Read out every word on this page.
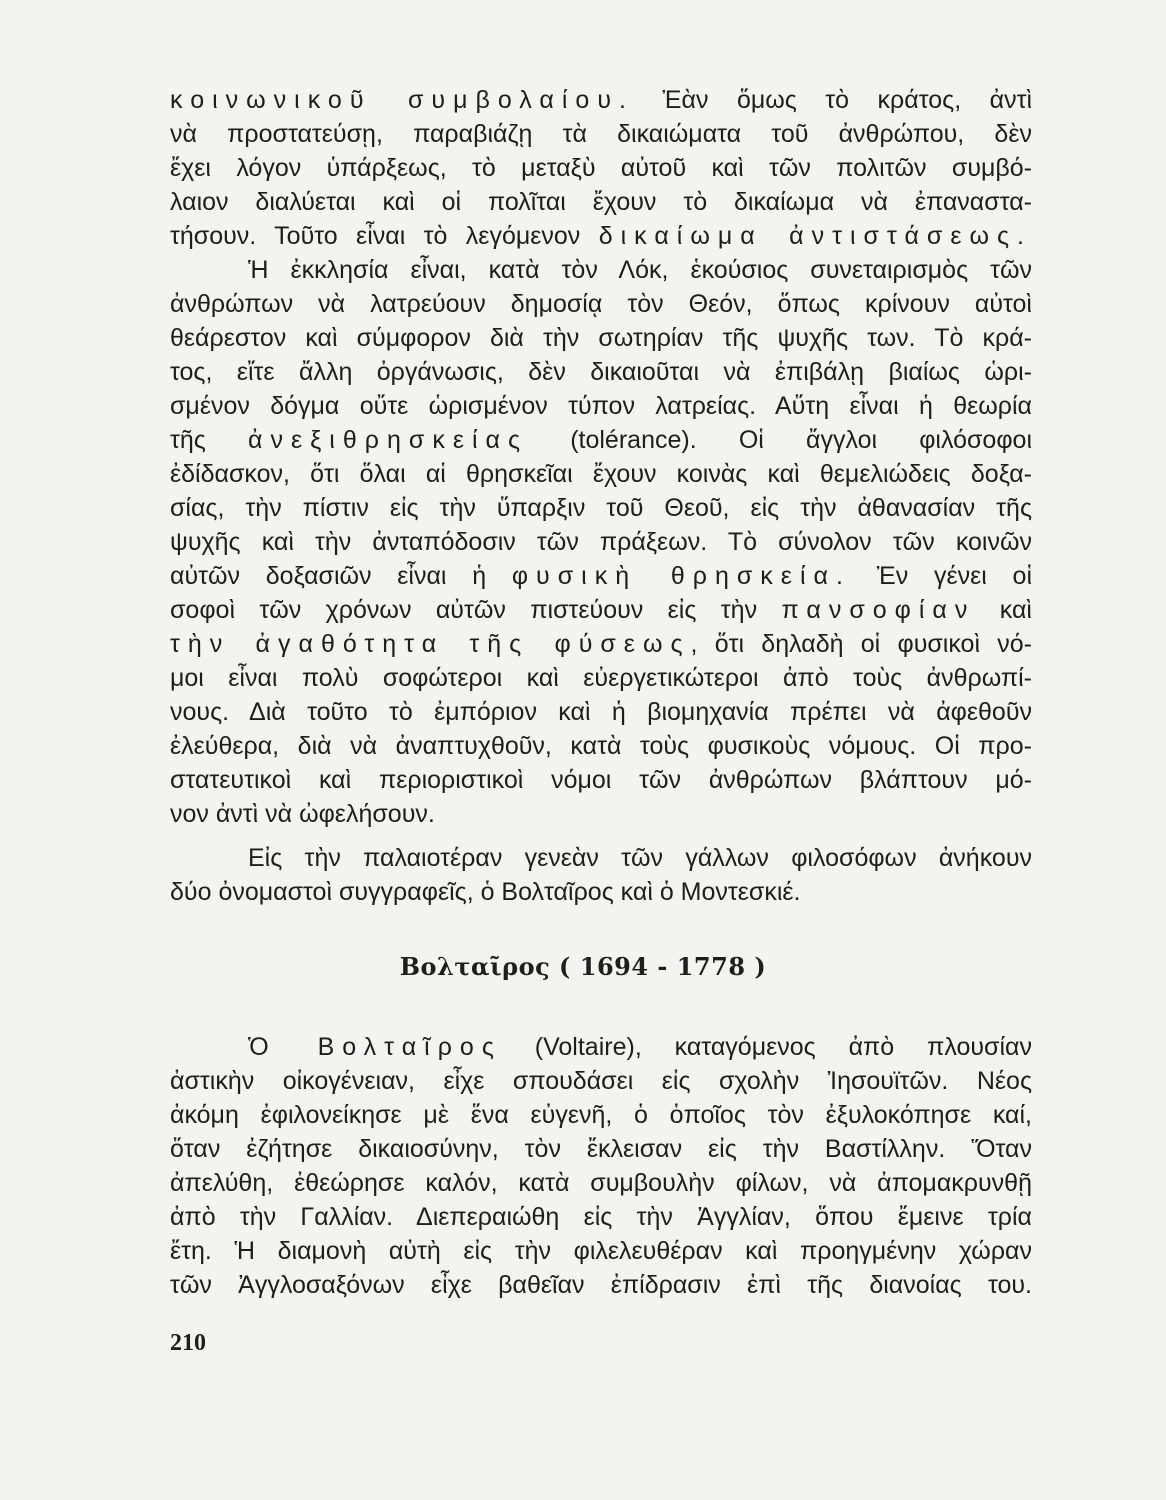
κοινωνικοῦ συμβολαίου. Ἐὰν ὅμως τὸ κράτος, ἀντὶ
νὰ προστατεύσῃ, παραβιάζῃ τὰ δικαιώματα τοῦ ἀνθρώπου, δὲν
ἔχει λόγον ὑπάρξεως, τὸ μεταξὺ αὐτοῦ καὶ τῶν πολιτῶν συμβό-
λαιον διαλύεται καὶ οἱ πολῖται ἔχουν τὸ δικαίωμα νὰ ἐπαναστα-
τήσουν. Τοῦτο εἶναι τὸ λεγόμενον δικαίωμα ἀντιστάσεως.
Ἡ ἐκκλησία εἶναι, κατὰ τὸν Λόκ, ἑκούσιος συνεταιρισμὸς τῶν
ἀνθρώπων νὰ λατρεύουν δημοσίᾳ τὸν Θεόν, ὅπως κρίνουν αὐτοὶ
θεάρεστον καὶ σύμφορον διὰ τὴν σωτηρίαν τῆς ψυχῆς των. Τὸ κρά-
τος, εἴτε ἄλλη ὀργάνωσις, δὲν δικαιοῦται νὰ ἐπιβάλῃ βιαίως ὡρι-
σμένον δόγμα οὔτε ὡρισμένον τύπον λατρείας. Αὕτη εἶναι ἡ θεωρία
τῆς ἀνεξιθρησκείας (tolérance). Οἱ ἄγγλοι φιλόσοφοι
ἐδίδασκον, ὅτι ὅλαι αἱ θρησκεῖαι ἔχουν κοινὰς καὶ θεμελιώδεις δοξα-
σίας, τὴν πίστιν εἰς τὴν ὕπαρξιν τοῦ Θεοῦ, εἰς τὴν ἀθανασίαν τῆς
ψυχῆς καὶ τὴν ἀνταπόδοσιν τῶν πράξεων. Τὸ σύνολον τῶν κοινῶν
αὐτῶν δοξασιῶν εἶναι ἡ φυσικὴ θρησκεία. Ἐν γένει οἱ
σοφοὶ τῶν χρόνων αὐτῶν πιστεύουν εἰς τὴν πανσοφίαν καὶ
τὴν ἀγαθότητα τῆς φύσεως, ὅτι δηλαδὴ οἱ φυσικοὶ νό-
μοι εἶναι πολὺ σοφώτεροι καὶ εὐεργετικώτεροι ἀπὸ τοὺς ἀνθρωπί-
νους. Διὰ τοῦτο τὸ ἐμπόριον καὶ ἡ βιομηχανία πρέπει νὰ ἀφεθοῦν
ἐλεύθερα, διὰ νὰ ἀναπτυχθοῦν, κατὰ τοὺς φυσικοὺς νόμους. Οἱ προ-
στατευτικοὶ καὶ περιοριστικοὶ νόμοι τῶν ἀνθρώπων βλάπτουν μό-
νον ἀντὶ νὰ ὠφελήσουν.
Βολταῖρος ( 1694 - 1778 )
Εἰς τὴν παλαιοτέραν γενεὰν τῶν γάλλων φιλοσόφων ἀνήκουν
δύο ὀνομαστοὶ συγγραφεῖς, ὁ Βολταῖρος καὶ ὁ Μοντεσκιέ.
Ὁ Βολταῖρος (Voltaire), καταγόμενος ἀπὸ πλουσίαν
ἀστικὴν οἰκογένειαν, εἶχε σπουδάσει εἰς σχολὴν Ἰησουϊτῶν. Νέος
ἀκόμη ἐφιλονείκησε μὲ ἕνα εὐγενῆ, ὁ ὁποῖος τὸν ἐξυλοκόπησε καί,
ὅταν ἐζήτησε δικαιοσύνην, τὸν ἔκλεισαν εἰς τὴν Βαστίλλην. Ὅταν
ἀπελύθη, ἐθεώρησε καλόν, κατὰ συμβουλὴν φίλων, νὰ ἀπομακρυνθῇ
ἀπὸ τὴν Γαλλίαν. Διεπεραιώθη εἰς τὴν Ἀγγλίαν, ὅπου ἔμεινε τρία
ἔτη. Ἡ διαμονὴ αὐτὴ εἰς τὴν φιλελευθέραν καὶ προηγμένην χώραν
τῶν Ἀγγλοσαξόνων εἶχε βαθεῖαν ἐπίδρασιν ἐπὶ τῆς διανοίας του.
210
